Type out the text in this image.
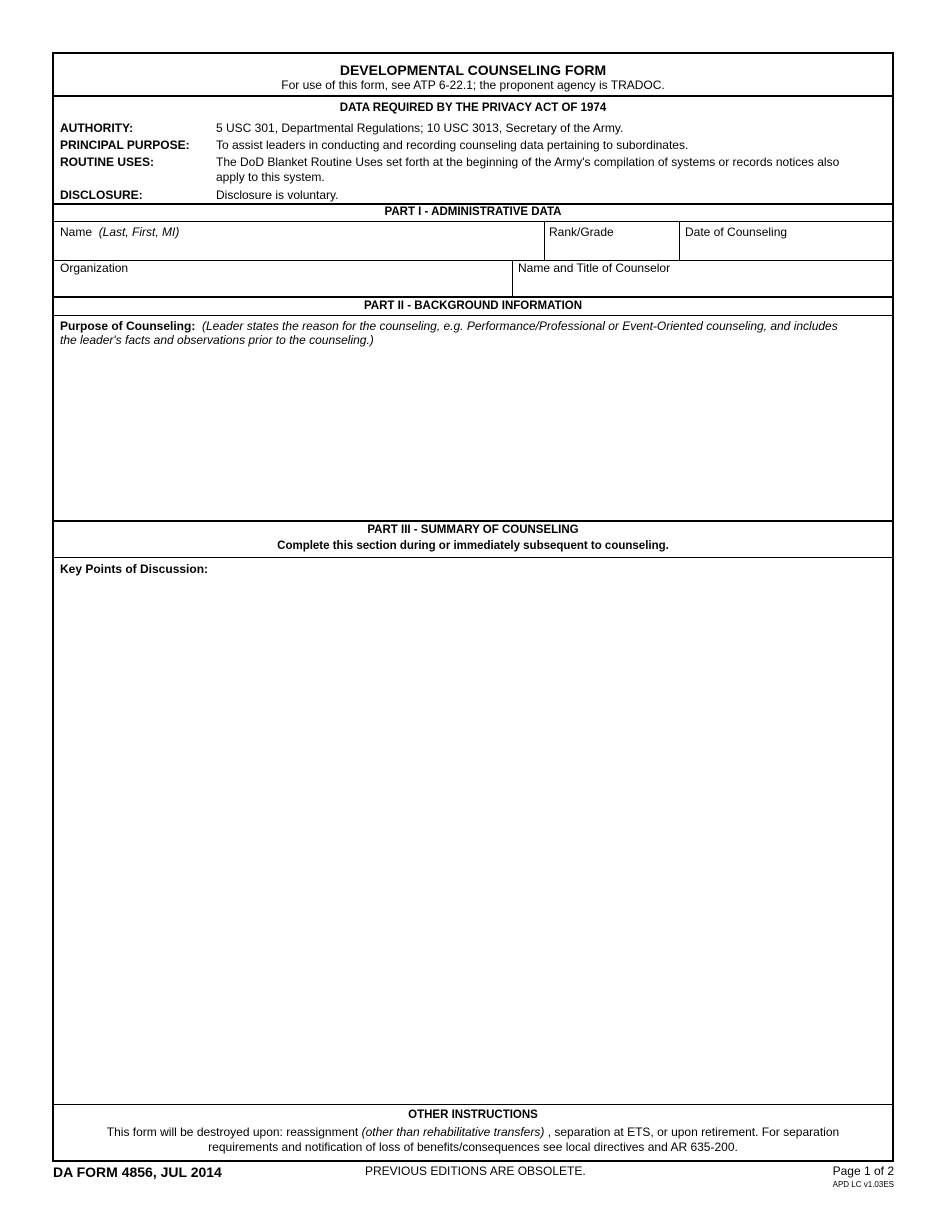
DEVELOPMENTAL COUNSELING FORM
For use of this form, see ATP 6-22.1; the proponent agency is TRADOC.
DATA REQUIRED BY THE PRIVACY ACT OF 1974
AUTHORITY:	5 USC 301, Departmental Regulations; 10 USC 3013, Secretary of the Army.
PRINCIPAL PURPOSE: To assist leaders in conducting and recording counseling data pertaining to subordinates.
ROUTINE USES:	The DoD Blanket Routine Uses set forth at the beginning of the Army's compilation of systems or records notices also
apply to this system.
DISCLOSURE:	Disclosure is voluntary.
PART I - ADMINISTRATIVE DATA
Name (Last, First, MI)	Rank/Grade	Date of Counseling
Organization	Name and Title of Counselor
PART II - BACKGROUND INFORMATION
Purpose of Counseling: (Leader states the reason for the counseling, e.g. Performance/Professional or Event-Oriented counseling, and includes
the leader's facts and observations prior to the counseling.)
PART III - SUMMARY OF COUNSELING
Complete this section during or immediately subsequent to counseling.
Key Points of Discussion:
OTHER INSTRUCTIONS
This form will be destroyed upon: reassignment (other than rehabilitative transfers) , separation at ETS, or upon retirement. For separation
requirements and notification of loss of benefits/consequences see local directives and AR 635-200.
DA FORM 4856, JUL 2014	PREVIOUS EDITIONS ARE OBSOLETE.	Page 1 of 2
APD LC v1.03ES
